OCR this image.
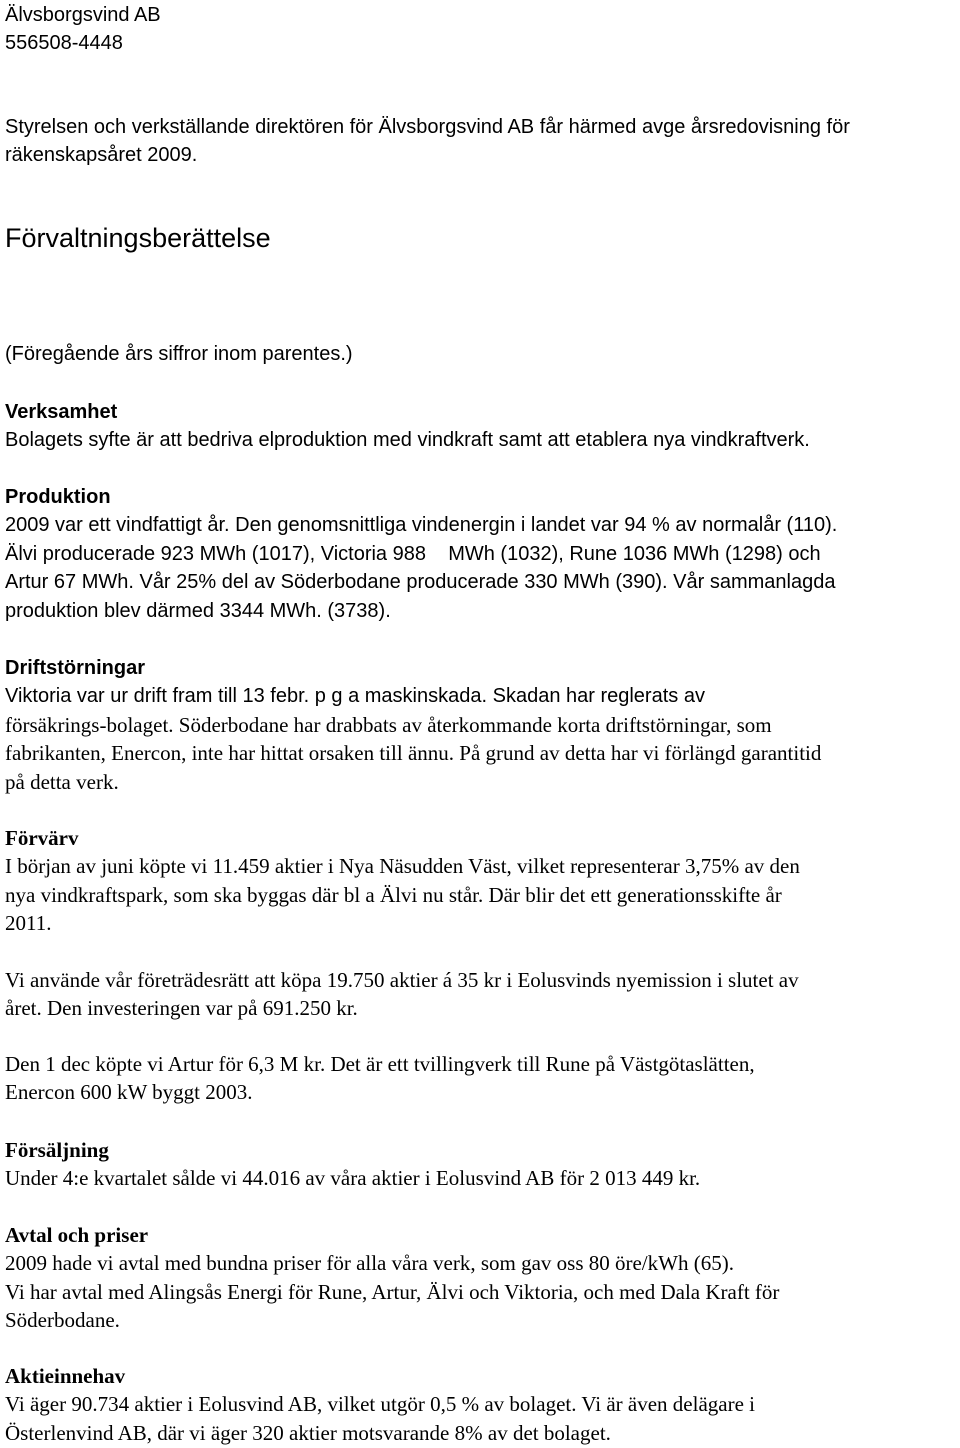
Älvsborgsvind AB
556508-4448
Styrelsen och verkställande direktören för Älvsborgsvind AB får härmed avge årsredovisning för
räkenskapsåret 2009.
Förvaltningsberättelse
(Föregående års siffror inom parentes.)
Verksamhet
Bolagets syfte är att bedriva elproduktion med vindkraft samt att etablera nya vindkraftverk.
Produktion
2009 var ett vindfattigt år. Den genomsnittliga vindenergin i landet var 94 % av normalår (110).
Älvi producerade 923 MWh (1017), Victoria 988    MWh (1032), Rune 1036 MWh (1298) och
Artur 67 MWh. Vår 25% del av Söderbodane producerade 330 MWh (390). Vår sammanlagda
produktion blev därmed 3344 MWh. (3738).
Driftstörningar
Viktoria var ur drift fram till 13 febr. p g a maskinskada. Skadan har reglerats av
försäkrings-bolaget. Söderbodane har drabbats av återkommande korta driftstörningar, som
fabrikanten, Enercon, inte har hittat orsaken till ännu. På grund av detta har vi förlängd garantitid
på detta verk.
Förvärv
I början av juni köpte vi 11.459 aktier i Nya Näsudden Väst, vilket representerar 3,75% av den
nya vindkraftspark, som ska byggas där bl a Älvi nu står. Där blir det ett generationsskifte år
2011.
Vi använde vår företrädesrätt att köpa 19.750 aktier á 35 kr i Eolusvinds nyemission i slutet av
året. Den investeringen var på 691.250 kr.
Den 1 dec köpte vi Artur för 6,3 M kr. Det är ett tvillingverk till Rune på Västgötaslätten,
Enercon 600 kW byggt 2003.
Försäljning
Under 4:e kvartalet sålde vi 44.016 av våra aktier i Eolusvind AB för 2 013 449 kr.
Avtal och priser
2009 hade vi avtal med bundna priser för alla våra verk, som gav oss 80 öre/kWh (65).
Vi har avtal med Alingsås Energi för Rune, Artur, Älvi och Viktoria, och med Dala Kraft för
Söderbodane.
Aktieinnehav
Vi äger 90.734 aktier i Eolusvind AB, vilket utgör 0,5 % av bolaget. Vi är även delägare i
Österlenvind AB, där vi äger 320 aktier motsvarande 8% av det bolaget.
